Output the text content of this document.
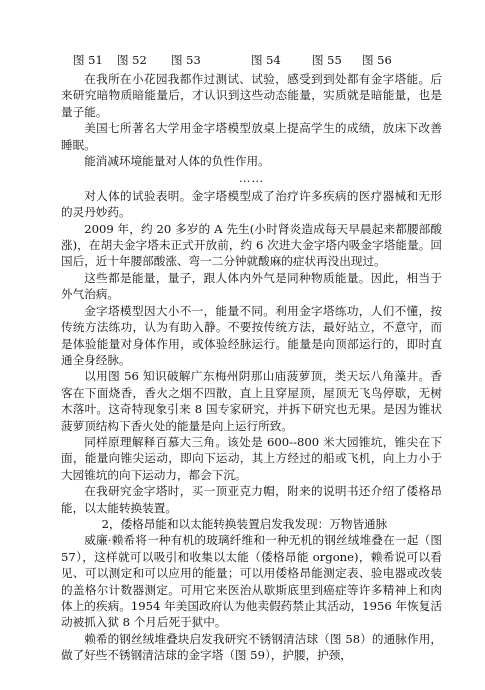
图 51 图 52 图 53	图 54	图 55 图 56

在我所在小花园我都作过测试、试验，感受到到处都有金字塔能。后来研究暗物质暗能量后，才认识到这些动态能量，实质就是暗能量，也是量子能。

美国七所著名大学用金字塔模型放桌上提高学生的成绩，放床下改善睡眠。

能消减环境能量对人体的负性作用。

……

对人体的试验表明。金字塔模型成了治疗许多疾病的医疗器械和无形的灵丹妙药。

2009 年，约 20 多岁的 A 先生(小时肾炎造成每天早晨起来都腰部酸涨)，在胡夫金字塔未正式开放前，约 6 次进大金字塔内吸金字塔能量。回国后，近十年腰部酸涨、弯一二分钟就酸麻的症状再没出现过。

这些都是能量，量子，跟人体内外气是同种物质能量。因此，相当于外气治病。

金字塔模型因大小不一，能量不同。利用金字塔练功，人们不懂，按传统方法练功，认为有助入静。不要按传统方法，最好站立，不意守，而是体验能量对身体作用，或体验经脉运行。能量是向顶部运行的，即时直通全身经脉。

以用图 56 知识破解广东梅州阴那山庙菠萝顶，类天坛八角藻井。香客在下面烧香，香火之烟不四散，直上且穿屋顶，屋顶无飞鸟停歇，无树木落叶。这奇特现象引来 8 国专家研究，并拆下研究也无果。是因为锥状菠萝顶结构下香火处的能量是向上运行所致。

同样原理解释百慕大三角。该处是 600--800 米大园锥坑，锥尖在下面，能量向锥尖运动，即向下运动，其上方经过的船或飞机，向上力小于大园锥坑的向下运动力，都会下沉。

在我研究金字塔时，买一顶亚克力帽，附来的说明书还介绍了倭格昂能，以太能转换装置。

2，倭格昂能和以太能转换装置启发我发现：万物皆通脉

威廉·赖希将一种有机的玻璃纤维和一种无机的钢丝绒堆叠在一起（图 57），这样就可以吸引和收集以太能（倭格昂能 orgone)，赖希说可以看见、可以测定和可以应用的能量；可以用倭格昂能测定表、验电器或改装的盖格尔计数器测定。可用它来医治从歇斯底里到癌症等许多精神上和肉体上的疾病。1954 年美国政府认为他卖假药禁止其活动，1956 年恢复活动被抓入狱 8 个月后死于狱中。

赖希的钢丝绒堆叠块启发我研究不锈钢清洁球（图 58）的通脉作用，做了好些不锈钢清洁球的金字塔（图 59），护腰，护颈，
